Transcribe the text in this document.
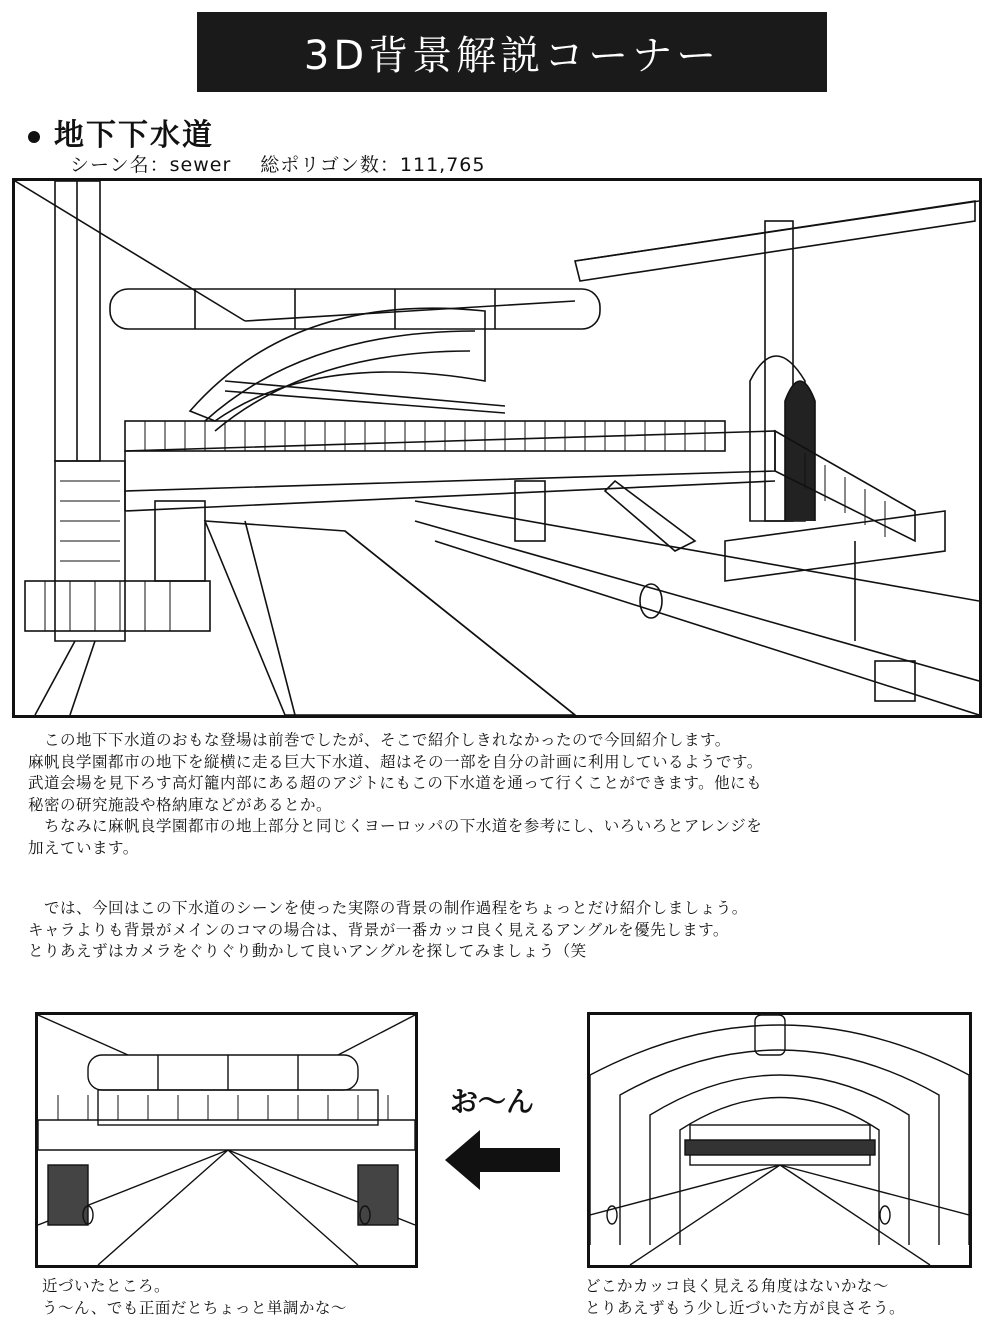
3D背景解説コーナー
地下下水道
シーン名：sewer 総ポリゴン数：111,765

　この地下下水道のおもな登場は前巻でしたが、そこで紹介しきれなかったので今回紹介します。

麻帆良学園都市の地下を縦横に走る巨大下水道、超はその一部を自分の計画に利用しているようです。

武道会場を見下ろす高灯籠内部にある超のアジトにもこの下水道を通って行くことができます。他にも

秘密の研究施設や格納庫などがあるとか。

　ちなみに麻帆良学園都市の地上部分と同じくヨーロッパの下水道を参考にし、いろいろとアレンジを

加えています。

　では、今回はこの下水道のシーンを使った実際の背景の制作過程をちょっとだけ紹介しましょう。

キャラよりも背景がメインのコマの場合は、背景が一番カッコ良く見えるアングルを優先します。

とりあえずはカメラをぐりぐり動かして良いアングルを探してみましょう（笑

お〜ん

近づいたところ。

う〜ん、でも正面だとちょっと単調かな〜

どこかカッコ良く見える角度はないかな〜

とりあえずもう少し近づいた方が良さそう。
